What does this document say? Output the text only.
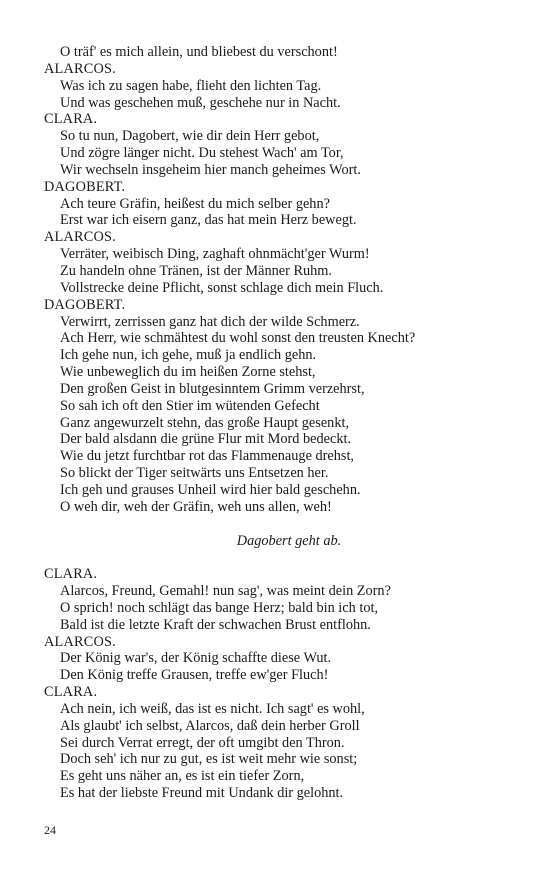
O träf' es mich allein, und bliebest du verschont!
ALARCOS.
Was ich zu sagen habe, flieht den lichten Tag.
Und was geschehen muß, geschehe nur in Nacht.
CLARA.
So tu nun, Dagobert, wie dir dein Herr gebot,
Und zögre länger nicht. Du stehest Wach' am Tor,
Wir wechseln insgeheim hier manch geheimes Wort.
DAGOBERT.
Ach teure Gräfin, heißest du mich selber gehn?
Erst war ich eisern ganz, das hat mein Herz bewegt.
ALARCOS.
Verräter, weibisch Ding, zaghaft ohnmächt'ger Wurm!
Zu handeln ohne Tränen, ist der Männer Ruhm.
Vollstrecke deine Pflicht, sonst schlage dich mein Fluch.
DAGOBERT.
Verwirrt, zerrissen ganz hat dich der wilde Schmerz.
Ach Herr, wie schmähtest du wohl sonst den treusten Knecht?
Ich gehe nun, ich gehe, muß ja endlich gehn.
Wie unbeweglich du im heißen Zorne stehst,
Den großen Geist in blutgesinntem Grimm verzehrst,
So sah ich oft den Stier im wütenden Gefecht
Ganz angewurzelt stehn, das große Haupt gesenkt,
Der bald alsdann die grüne Flur mit Mord bedeckt.
Wie du jetzt furchtbar rot das Flammenauge drehst,
So blickt der Tiger seitwärts uns Entsetzen her.
Ich geh und grauses Unheil wird hier bald geschehn.
O weh dir, weh der Gräfin, weh uns allen, weh!
Dagobert geht ab.
CLARA.
Alarcos, Freund, Gemahl! nun sag', was meint dein Zorn?
O sprich! noch schlägt das bange Herz; bald bin ich tot,
Bald ist die letzte Kraft der schwachen Brust entflohn.
ALARCOS.
Der König war's, der König schaffte diese Wut.
Den König treffe Grausen, treffe ew'ger Fluch!
CLARA.
Ach nein, ich weiß, das ist es nicht. Ich sagt' es wohl,
Als glaubt' ich selbst, Alarcos, daß dein herber Groll
Sei durch Verrat erregt, der oft umgibt den Thron.
Doch seh' ich nur zu gut, es ist weit mehr wie sonst;
Es geht uns näher an, es ist ein tiefer Zorn,
Es hat der liebste Freund mit Undank dir gelohnt.
24
